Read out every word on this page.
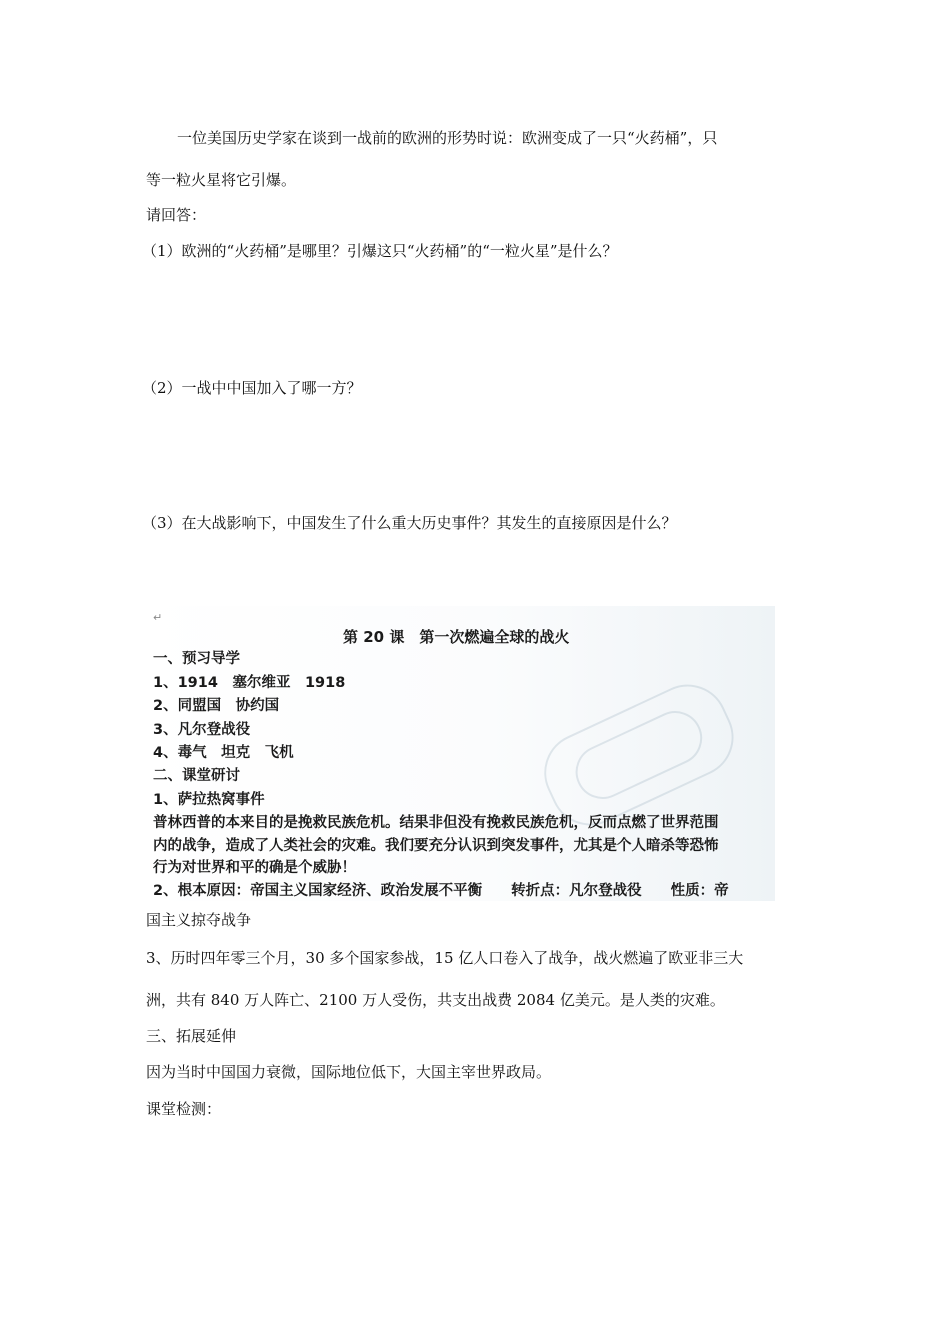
一位美国历史学家在谈到一战前的欧洲的形势时说：欧洲变成了一只“火药桶”，只
等一粒火星将它引爆。
请回答：
（1）欧洲的“火药桶”是哪里？引爆这只“火药桶”的“一粒火星”是什么？
（2）一战中中国加入了哪一方？
（3）在大战影响下，中国发生了什么重大历史事件？其发生的直接原因是什么？
↵
第 20 课　第一次燃遍全球的战火
一、预习导学
1、1914　塞尔维亚　1918
2、同盟国　协约国
3、凡尔登战役
4、毒气　坦克　飞机
二、课堂研讨
1、萨拉热窝事件
普林西普的本来目的是挽救民族危机。结果非但没有挽救民族危机，反而点燃了世界范围
内的战争，造成了人类社会的灾难。我们要充分认识到突发事件，尤其是个人暗杀等恐怖
行为对世界和平的确是个威胁！
2、根本原因：帝国主义国家经济、政治发展不平衡　　转折点：凡尔登战役　　性质：帝
国主义掠夺战争
3、历时四年零三个月，30 多个国家参战，15 亿人口卷入了战争，战火燃遍了欧亚非三大
洲，共有 840 万人阵亡、2100 万人受伤，共支出战费 2084 亿美元。是人类的灾难。
三、拓展延伸
因为当时中国国力衰微，国际地位低下，大国主宰世界政局。
课堂检测：
